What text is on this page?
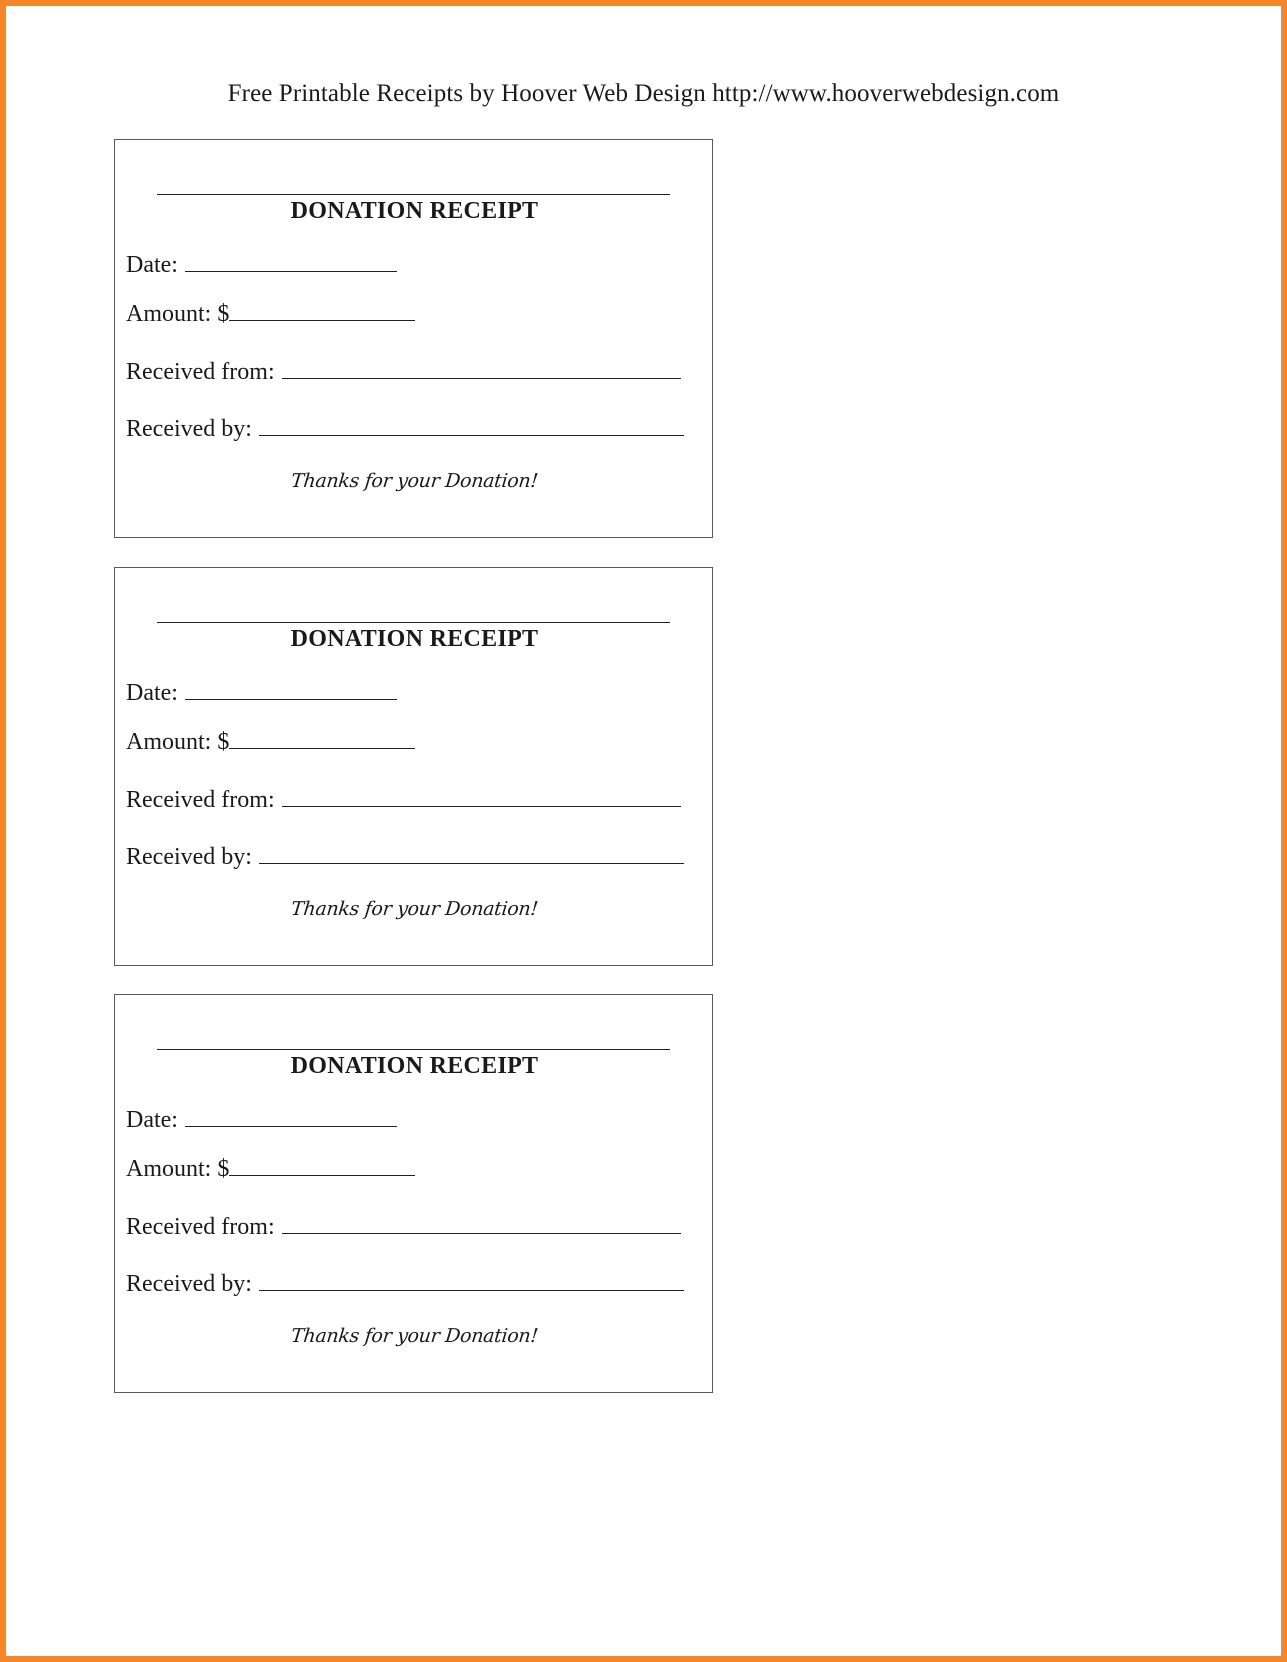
Free Printable Receipts by Hoover Web Design http://www.hooverwebdesign.com
DONATION RECEIPT
Date:
Amount: $
Received from:
Received by:
Thanks for your Donation!
DONATION RECEIPT
Date:
Amount: $
Received from:
Received by:
Thanks for your Donation!
DONATION RECEIPT
Date:
Amount: $
Received from:
Received by:
Thanks for your Donation!
